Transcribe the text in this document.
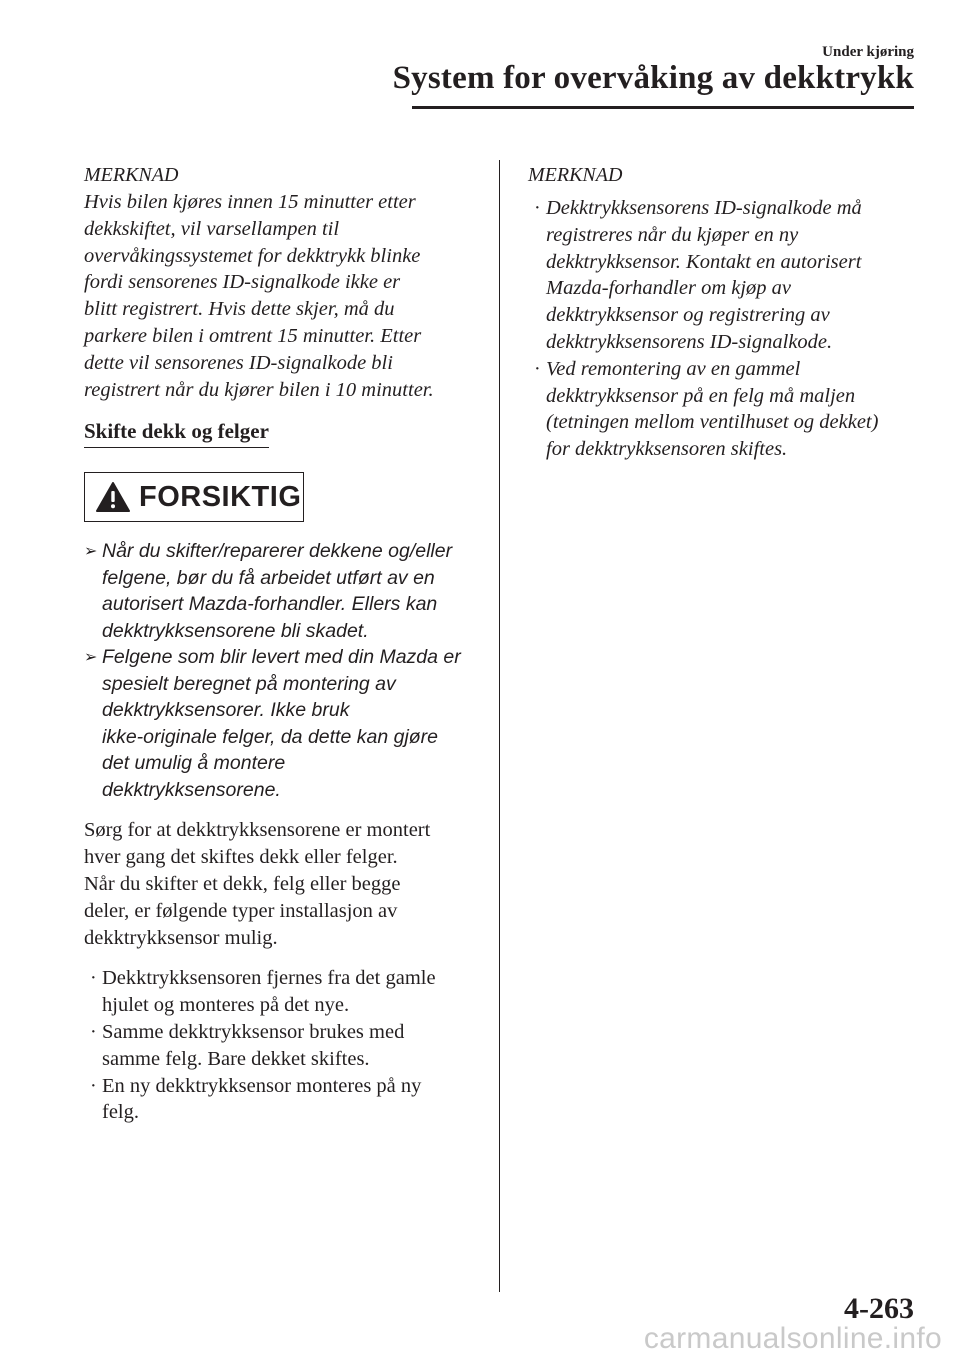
Under kjøring
System for overvåking av dekktrykk
MERKNAD
Hvis bilen kjøres innen 15 minutter etter
dekkskiftet, vil varsellampen til
overvåkingssystemet for dekktrykk blinke
fordi sensorenes ID-signalkode ikke er
blitt registrert. Hvis dette skjer, må du
parkere bilen i omtrent 15 minutter. Etter
dette vil sensorenes ID-signalkode bli
registrert når du kjører bilen i 10 minutter.
Skifte dekk og felger
FORSIKTIG
➢ Når du skifter/reparerer dekkene og/eller
felgene, bør du få arbeidet utført av en
autorisert Mazda-forhandler. Ellers kan
dekktrykksensorene bli skadet.
➢ Felgene som blir levert med din Mazda er
spesielt beregnet på montering av
dekktrykksensorer. Ikke bruk
ikke-originale felger, da dette kan gjøre
det umulig å montere
dekktrykksensorene.
Sørg for at dekktrykksensorene er montert
hver gang det skiftes dekk eller felger.
Når du skifter et dekk, felg eller begge
deler, er følgende typer installasjon av
dekktrykksensor mulig.
· Dekktrykksensoren fjernes fra det gamle
hjulet og monteres på det nye.
· Samme dekktrykksensor brukes med
samme felg. Bare dekket skiftes.
· En ny dekktrykksensor monteres på ny
felg.
MERKNAD
· Dekktrykksensorens ID-signalkode må
registreres når du kjøper en ny
dekktrykksensor. Kontakt en autorisert
Mazda-forhandler om kjøp av
dekktrykksensor og registrering av
dekktrykksensorens ID-signalkode.
· Ved remontering av en gammel
dekktrykksensor på en felg må maljen
(tetningen mellom ventilhuset og dekket)
for dekktrykksensoren skiftes.
4-263
carmanualsonline.info
